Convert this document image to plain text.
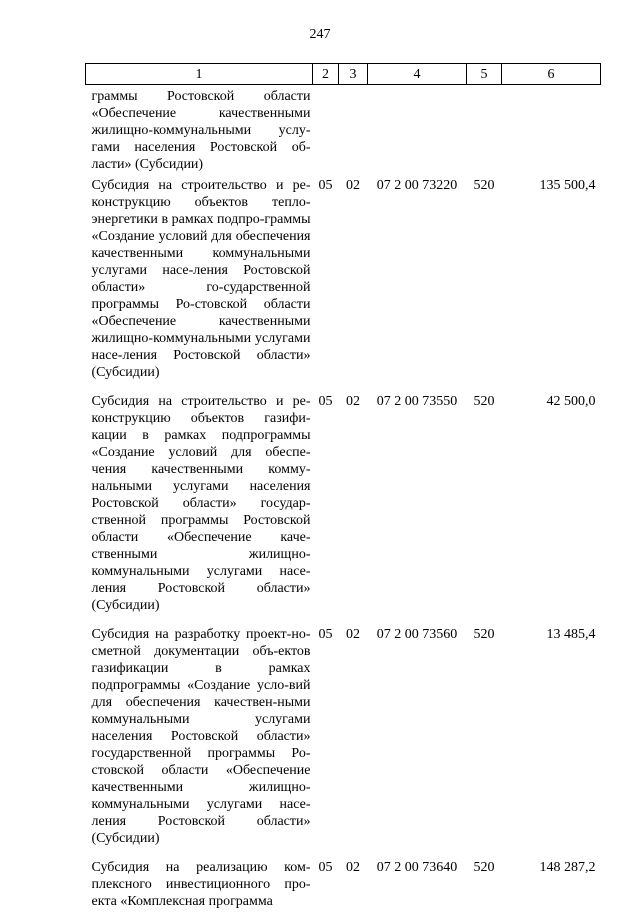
247
1	2	3	4	5	6

граммы Ростовской области «Обеспечение качественными жилищно-коммунальными услу-гами населения Ростовской об-ласти» (Субсидии)					

Субсидия на строительство и ре-конструкцию объектов тепло-энергетики в рамках подпро-граммы «Создание условий для обеспечения качественными коммунальными услугами насе-ления Ростовской области» го-сударственной программы Ро-стовской области «Обеспечение качественными жилищно-коммунальными услугами насе-ления Ростовской области» (Субсидии)	05	02	07 2 00 73220	520	135 500,4

Субсидия на строительство и ре-конструкцию объектов газифи-кации в рамках подпрограммы «Создание условий для обеспе-чения качественными комму-нальными услугами населения Ростовской области» государ-ственной программы Ростовской области «Обеспечение каче-ственными жилищно-коммунальными услугами насе-ления Ростовской области» (Субсидии)	05	02	07 2 00 73550	520	42 500,0

Субсидия на разработку проект-но-сметной документации объ-ектов газификации в рамках подпрограммы «Создание усло-вий для обеспечения качествен-ными коммунальными услугами населения Ростовской области» государственной программы Ро-стовской области «Обеспечение качественными жилищно-коммунальными услугами насе-ления Ростовской области» (Субсидии)	05	02	07 2 00 73560	520	13 485,4

Субсидия на реализацию ком-плексного инвестиционного про-екта «Комплексная программа	05	02	07 2 00 73640	520	148 287,2
